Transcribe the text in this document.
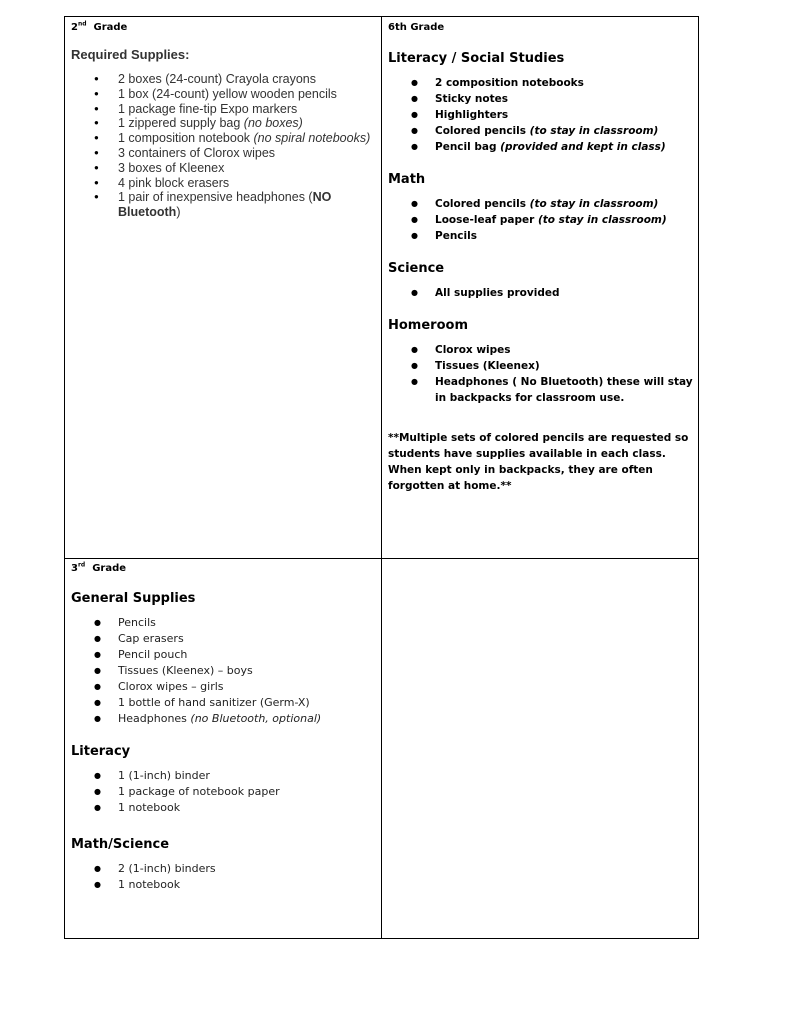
2nd Grade
Required Supplies:
● 2 boxes (24-count) Crayola crayons
● 1 box (24-count) yellow wooden pencils
● 1 package fine-tip Expo markers
● 1 zippered supply bag (no boxes)
● 1 composition notebook (no spiral notebooks)
● 3 containers of Clorox wipes
● 3 boxes of Kleenex
● 4 pink block erasers
● 1 pair of inexpensive headphones (NO Bluetooth)
6th Grade
Literacy / Social Studies
● 2 composition notebooks
● Sticky notes
● Highlighters
● Colored pencils (to stay in classroom)
● Pencil bag (provided and kept in class)
Math
● Colored pencils (to stay in classroom)
● Loose-leaf paper (to stay in classroom)
● Pencils
Science
● All supplies provided
Homeroom
● Clorox wipes
● Tissues (Kleenex)
● Headphones ( No Bluetooth) these will stay in backpacks for classroom use.
**Multiple sets of colored pencils are requested so students have supplies available in each class. When kept only in backpacks, they are often forgotten at home.**
3rd Grade
General Supplies
● Pencils
● Cap erasers
● Pencil pouch
● Tissues (Kleenex) – boys
● Clorox wipes – girls
● 1 bottle of hand sanitizer (Germ-X)
● Headphones (no Bluetooth, optional)
Literacy
● 1 (1-inch) binder
● 1 package of notebook paper
● 1 notebook
Math/Science
● 2 (1-inch) binders
● 1 notebook
